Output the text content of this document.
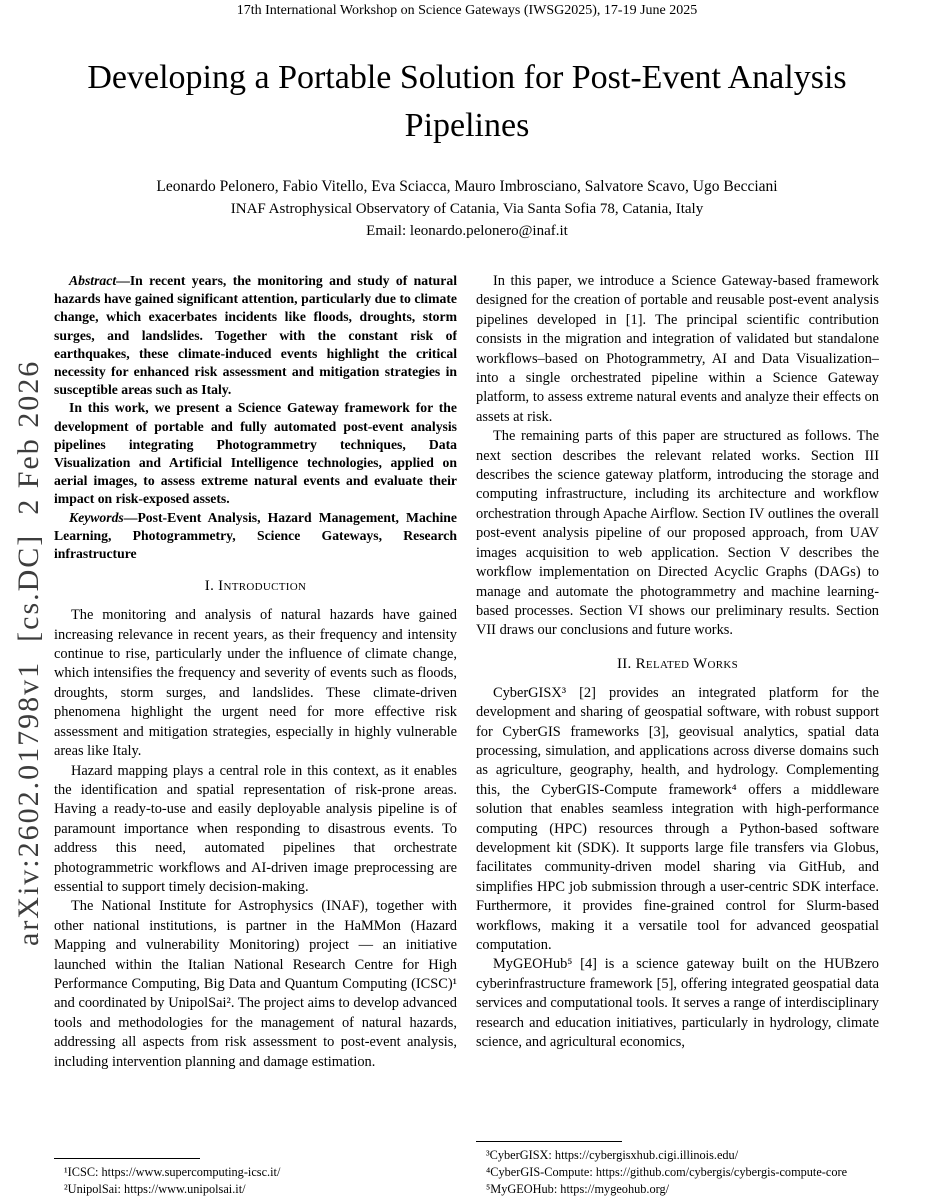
17th International Workshop on Science Gateways (IWSG2025), 17-19 June 2025
arXiv:2602.01798v1  [cs.DC]  2 Feb 2026
Developing a Portable Solution for Post-Event Analysis Pipelines
Leonardo Pelonero, Fabio Vitello, Eva Sciacca, Mauro Imbrosciano, Salvatore Scavo, Ugo Becciani
INAF Astrophysical Observatory of Catania, Via Santa Sofia 78, Catania, Italy
Email: leonardo.pelonero@inaf.it

Abstract—In recent years, the monitoring and study of natural hazards have gained significant attention, particularly due to climate change, which exacerbates incidents like floods, droughts, storm surges, and landslides. Together with the constant risk of earthquakes, these climate-induced events highlight the critical necessity for enhanced risk assessment and mitigation strategies in susceptible areas such as Italy.

In this work, we present a Science Gateway framework for the development of portable and fully automated post-event analysis pipelines integrating Photogrammetry techniques, Data Visualization and Artificial Intelligence technologies, applied on aerial images, to assess extreme natural events and evaluate their impact on risk-exposed assets.

Keywords—Post-Event Analysis, Hazard Management, Machine Learning, Photogrammetry, Science Gateways, Research infrastructure

I. Introduction

The monitoring and analysis of natural hazards have gained increasing relevance in recent years, as their frequency and intensity continue to rise, particularly under the influence of climate change, which intensifies the frequency and severity of events such as floods, droughts, storm surges, and landslides. These climate-driven phenomena highlight the urgent need for more effective risk assessment and mitigation strategies, especially in highly vulnerable areas like Italy.

Hazard mapping plays a central role in this context, as it enables the identification and spatial representation of risk-prone areas. Having a ready-to-use and easily deployable analysis pipeline is of paramount importance when responding to disastrous events. To address this need, automated pipelines that orchestrate photogrammetric workflows and AI-driven image preprocessing are essential to support timely decision-making.

The National Institute for Astrophysics (INAF), together with other national institutions, is partner in the HaMMon (Hazard Mapping and vulnerability Monitoring) project — an initiative launched within the Italian National Research Centre for High Performance Computing, Big Data and Quantum Computing (ICSC)¹ and coordinated by UnipolSai². The project aims to develop advanced tools and methodologies for the management of natural hazards, addressing all aspects from risk assessment to post-event analysis, including intervention planning and damage estimation.

¹ICSC: https://www.supercomputing-icsc.it/
²UnipolSai: https://www.unipolsai.it/

In this paper, we introduce a Science Gateway-based framework designed for the creation of portable and reusable post-event analysis pipelines developed in [1]. The principal scientific contribution consists in the migration and integration of validated but standalone workflows–based on Photogrammetry, AI and Data Visualization–into a single orchestrated pipeline within a Science Gateway platform, to assess extreme natural events and analyze their effects on assets at risk.

The remaining parts of this paper are structured as follows. The next section describes the relevant related works. Section III describes the science gateway platform, introducing the storage and computing infrastructure, including its architecture and workflow orchestration through Apache Airflow. Section IV outlines the overall post-event analysis pipeline of our proposed approach, from UAV images acquisition to web application. Section V describes the workflow implementation on Directed Acyclic Graphs (DAGs) to manage and automate the photogrammetry and machine learning-based processes. Section VI shows our preliminary results. Section VII draws our conclusions and future works.

II. Related Works

CyberGISX³ [2] provides an integrated platform for the development and sharing of geospatial software, with robust support for CyberGIS frameworks [3], geovisual analytics, spatial data processing, simulation, and applications across diverse domains such as agriculture, geography, health, and hydrology. Complementing this, the CyberGIS-Compute framework⁴ offers a middleware solution that enables seamless integration with high-performance computing (HPC) resources through a Python-based software development kit (SDK). It supports large file transfers via Globus, facilitates community-driven model sharing via GitHub, and simplifies HPC job submission through a user-centric SDK interface. Furthermore, it provides fine-grained control for Slurm-based workflows, making it a versatile tool for advanced geospatial computation.

MyGEOHub⁵ [4] is a science gateway built on the HUBzero cyberinfrastructure framework [5], offering integrated geospatial data services and computational tools. It serves a range of interdisciplinary research and education initiatives, particularly in hydrology, climate science, and agricultural economics,

³CyberGISX: https://cybergisxhub.cigi.illinois.edu/
⁴CyberGIS-Compute: https://github.com/cybergis/cybergis-compute-core
⁵MyGEOHub: https://mygeohub.org/
